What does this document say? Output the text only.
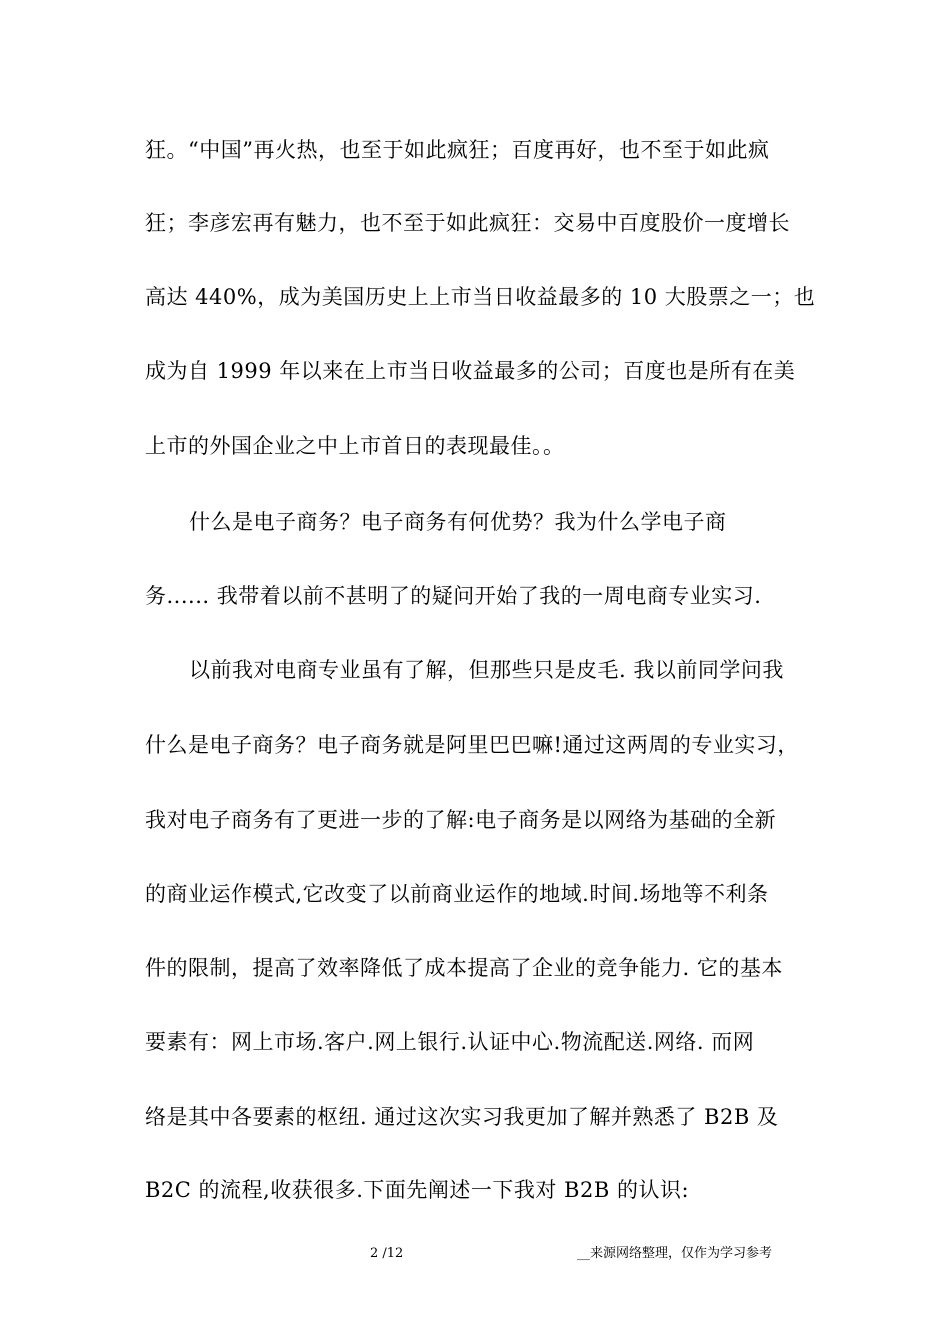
狂。“中国”再火热，也至于如此疯狂；百度再好，也不至于如此疯
狂；李彦宏再有魅力，也不至于如此疯狂：交易中百度股价一度增长
高达 440%，成为美国历史上上市当日收益最多的 10 大股票之一；也
成为自 1999 年以来在上市当日收益最多的公司；百度也是所有在美
上市的外国企业之中上市首日的表现最佳。。
什么是电子商务？电子商务有何优势？我为什么学电子商
务...... 我带着以前不甚明了的疑问开始了我的一周电商专业实习.
以前我对电商专业虽有了解，但那些只是皮毛. 我以前同学问我
什么是电子商务？电子商务就是阿里巴巴嘛!通过这两周的专业实习，
我对电子商务有了更进一步的了解:电子商务是以网络为基础的全新
的商业运作模式,它改变了以前商业运作的地域.时间.场地等不利条
件的限制，提高了效率降低了成本提高了企业的竞争能力. 它的基本
要素有：网上市场.客户.网上银行.认证中心.物流配送.网络. 而网
络是其中各要素的枢纽. 通过这次实习我更加了解并熟悉了 B2B 及
B2C 的流程,收获很多.下面先阐述一下我对 B2B 的认识:
2 /12	__来源网络整理，仅作为学习参考
